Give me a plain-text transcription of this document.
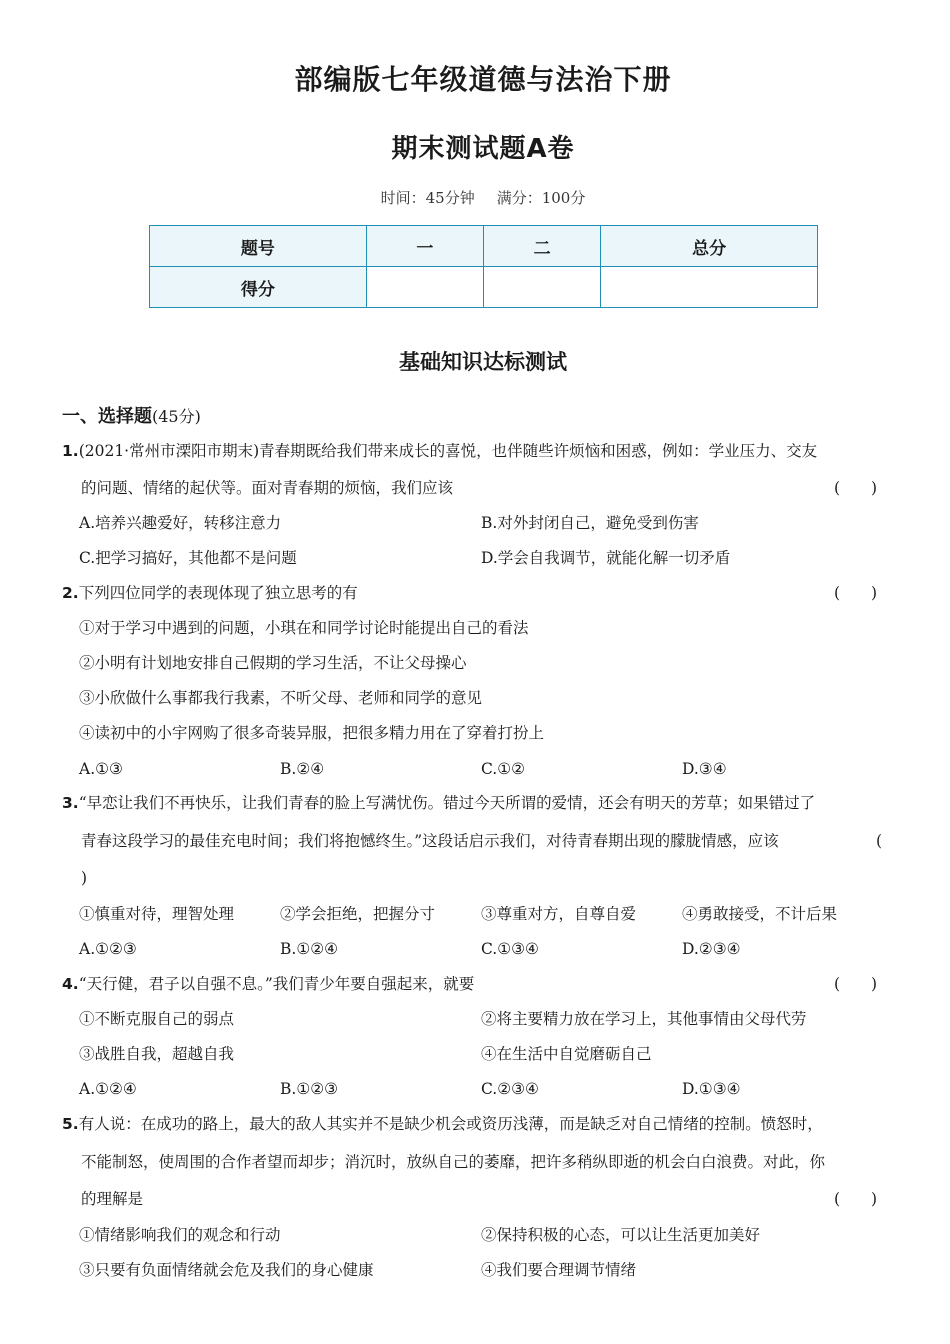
部编版七年级道德与法治下册
期末测试题A卷
时间：45分钟 满分：100分
题号	一	二	总分
得分			
基础知识达标测试
一、选择题(45分)
1.(2021·常州市溧阳市期末)青春期既给我们带来成长的喜悦，也伴随些许烦恼和困惑，例如：学业压力、交友
的问题、情绪的起伏等。面对青春期的烦恼，我们应该	(　　)
A.培养兴趣爱好，转移注意力	B.对外封闭自己，避免受到伤害
C.把学习搞好，其他都不是问题	D.学会自我调节，就能化解一切矛盾
2.下列四位同学的表现体现了独立思考的有	(　　)
①对于学习中遇到的问题，小琪在和同学讨论时能提出自己的看法
②小明有计划地安排自己假期的学习生活，不让父母操心
③小欣做什么事都我行我素，不听父母、老师和同学的意见
④读初中的小宇网购了很多奇装异服，把很多精力用在了穿着打扮上
A.①③	B.②④	C.①②	D.③④
3.“早恋让我们不再快乐，让我们青春的脸上写满忧伤。错过今天所谓的爱情，还会有明天的芳草；如果错过了
青春这段学习的最佳充电时间；我们将抱憾终生。”这段话启示我们，对待青春期出现的朦胧情感，应该	(
)
①慎重对待，理智处理	②学会拒绝，把握分寸	③尊重对方，自尊自爱	④勇敢接受，不计后果
A.①②③	B.①②④	C.①③④	D.②③④
4.“天行健，君子以自强不息。”我们青少年要自强起来，就要	(　　)
①不断克服自己的弱点	②将主要精力放在学习上，其他事情由父母代劳
③战胜自我，超越自我	④在生活中自觉磨砺自己
A.①②④	B.①②③	C.②③④	D.①③④
5.有人说：在成功的路上，最大的敌人其实并不是缺少机会或资历浅薄，而是缺乏对自己情绪的控制。愤怒时，
不能制怒，使周围的合作者望而却步；消沉时，放纵自己的萎靡，把许多稍纵即逝的机会白白浪费。对此，你
的理解是	(　　)
①情绪影响我们的观念和行动	②保持积极的心态，可以让生活更加美好
③只要有负面情绪就会危及我们的身心健康	④我们要合理调节情绪
